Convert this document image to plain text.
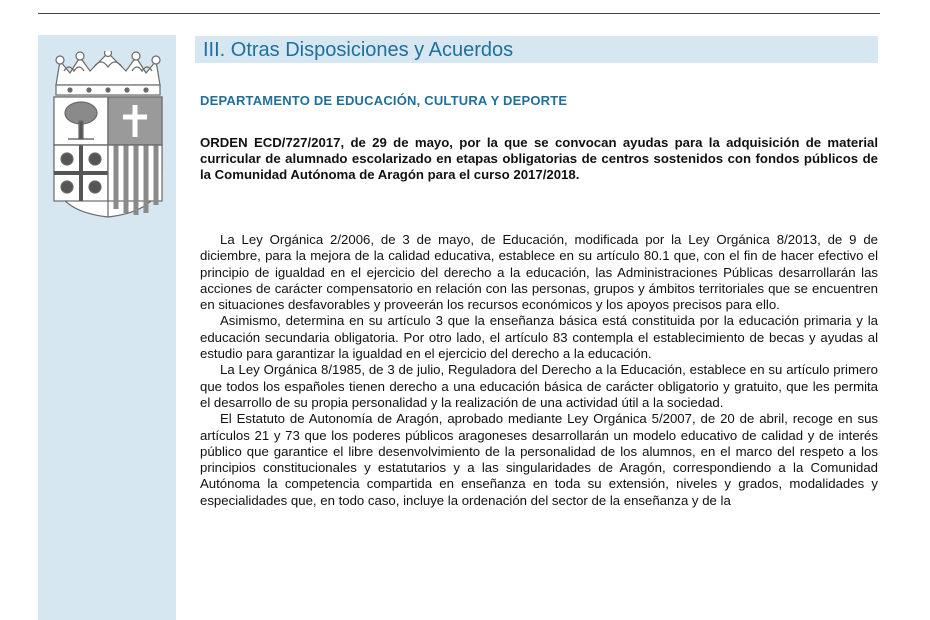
III. Otras Disposiciones y Acuerdos
DEPARTAMENTO DE EDUCACIÓN, CULTURA Y DEPORTE
ORDEN ECD/727/2017, de 29 de mayo, por la que se convocan ayudas para la adquisición de material curricular de alumnado escolarizado en etapas obligatorias de centros sostenidos con fondos públicos de la Comunidad Autónoma de Aragón para el curso 2017/2018.

La Ley Orgánica 2/2006, de 3 de mayo, de Educación, modificada por la Ley Orgánica 8/2013, de 9 de diciembre, para la mejora de la calidad educativa, establece en su artículo 80.1 que, con el fin de hacer efectivo el principio de igualdad en el ejercicio del derecho a la educación, las Administraciones Públicas desarrollarán las acciones de carácter compensatorio en relación con las personas, grupos y ámbitos territoriales que se encuentren en situaciones desfavorables y proveerán los recursos económicos y los apoyos precisos para ello.

Asimismo, determina en su artículo 3 que la enseñanza básica está constituida por la educación primaria y la educación secundaria obligatoria. Por otro lado, el artículo 83 contempla el establecimiento de becas y ayudas al estudio para garantizar la igualdad en el ejercicio del derecho a la educación.

La Ley Orgánica 8/1985, de 3 de julio, Reguladora del Derecho a la Educación, establece en su artículo primero que todos los españoles tienen derecho a una educación básica de carácter obligatorio y gratuito, que les permita el desarrollo de su propia personalidad y la realización de una actividad útil a la sociedad.

El Estatuto de Autonomía de Aragón, aprobado mediante Ley Orgánica 5/2007, de 20 de abril, recoge en sus artículos 21 y 73 que los poderes públicos aragoneses desarrollarán un modelo educativo de calidad y de interés público que garantice el libre desenvolvimiento de la personalidad de los alumnos, en el marco del respeto a los principios constitucionales y estatutarios y a las singularidades de Aragón, correspondiendo a la Comunidad Autónoma la competencia compartida en enseñanza en toda su extensión, niveles y grados, modalidades y especialidades que, en todo caso, incluye la ordenación del sector de la enseñanza y de la
